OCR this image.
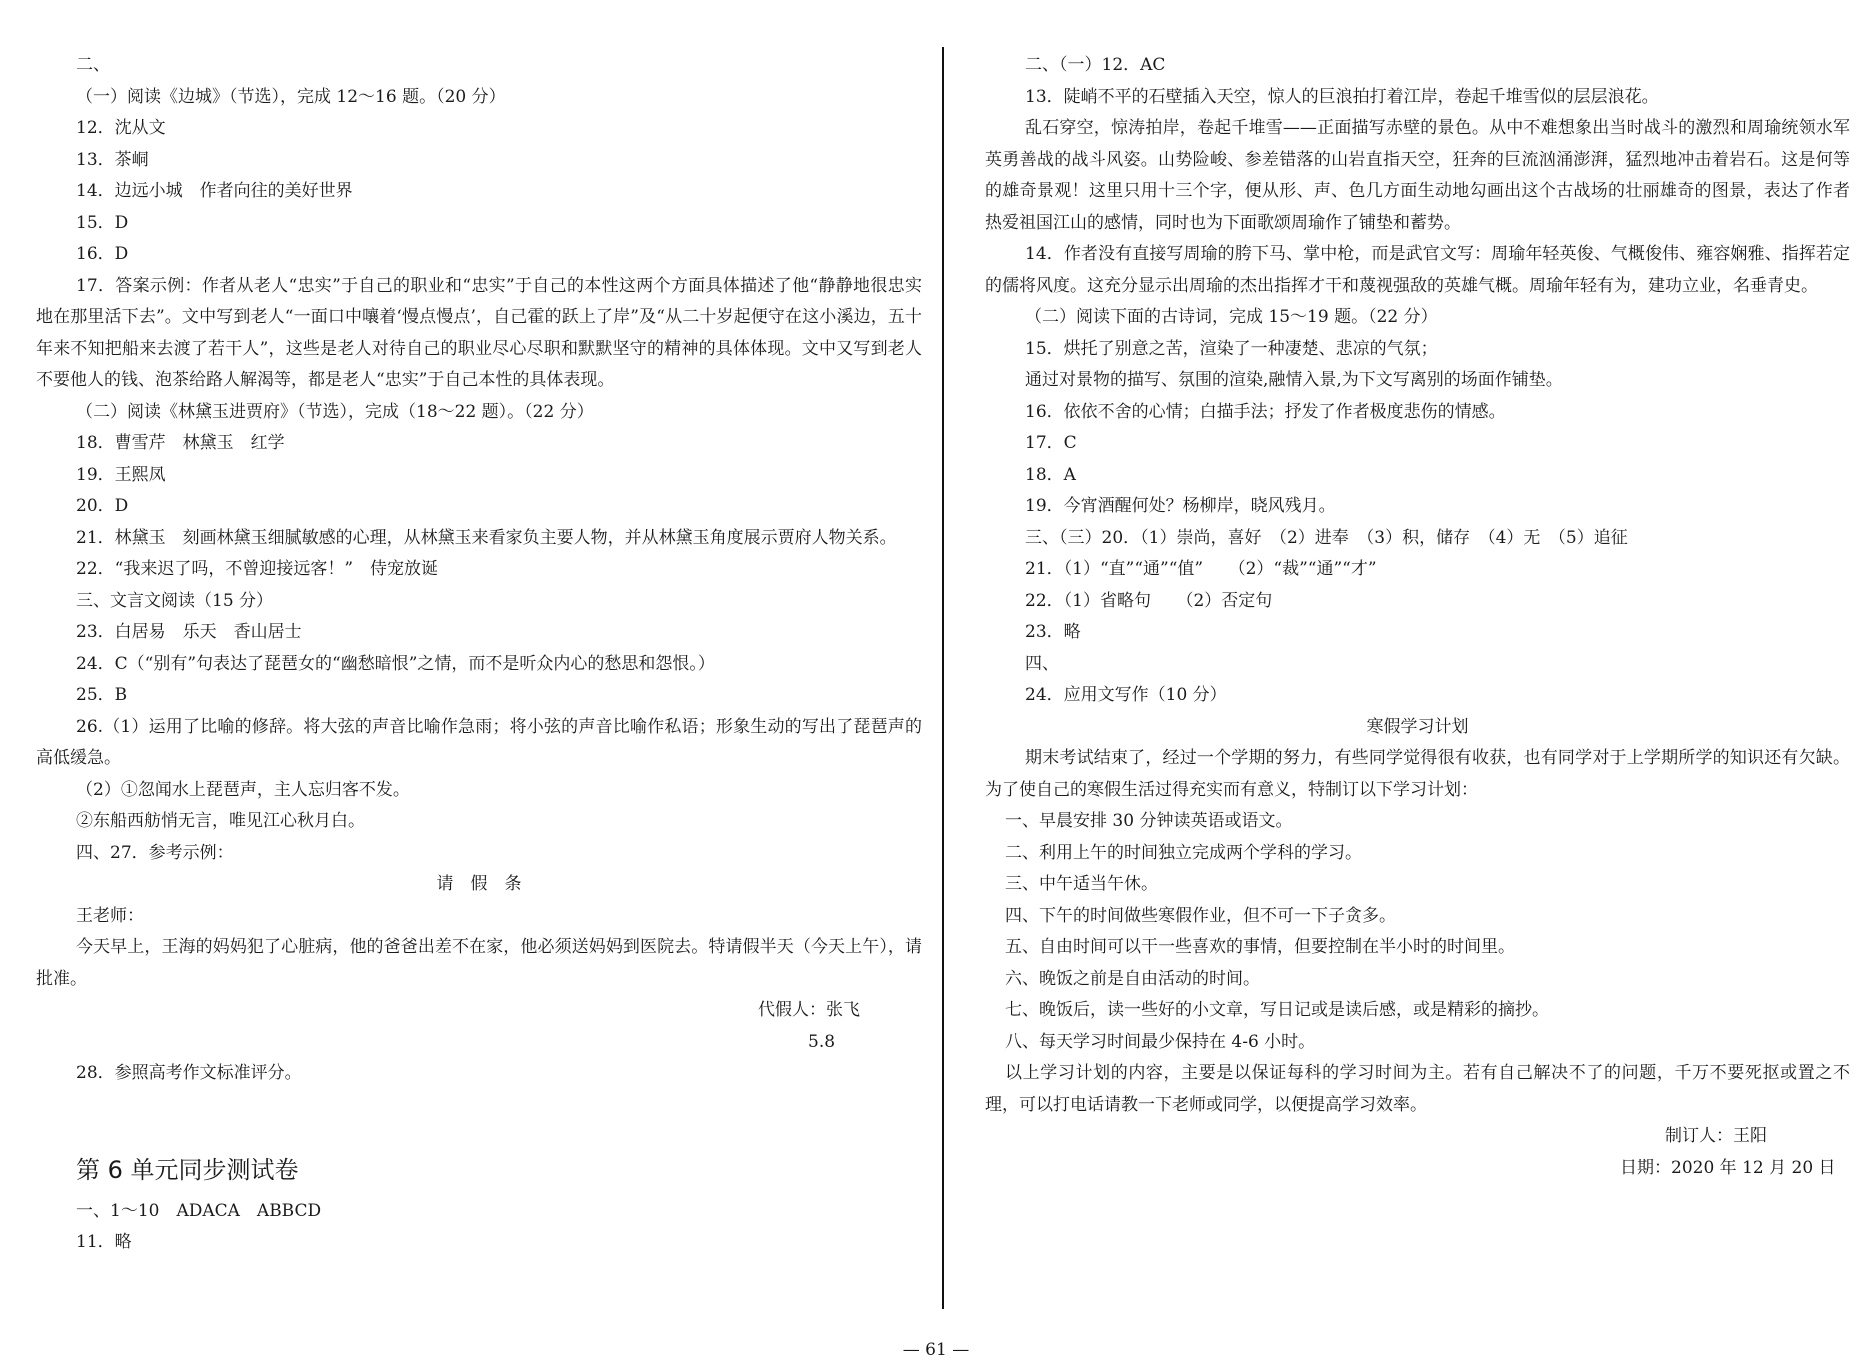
二、
（一）阅读《边城》（节选），完成 12～16 题。（20 分）
12．沈从文
13．茶峒
14．边远小城　作者向往的美好世界
15．D
16．D
17．答案示例：作者从老人“忠实”于自己的职业和“忠实”于自己的本性这两个方面具体描述了他“静静地很忠实地在那里活下去”。文中写到老人“一面口中嚷着‘慢点慢点’，自己霍的跃上了岸”及“从二十岁起便守在这小溪边，五十年来不知把船来去渡了若干人”，这些是老人对待自己的职业尽心尽职和默默坚守的精神的具体体现。文中又写到老人不要他人的钱、泡茶给路人解渴等，都是老人“忠实”于自己本性的具体表现。
（二）阅读《林黛玉进贾府》（节选），完成（18～22 题）。（22 分）
18．曹雪芹　林黛玉　红学
19．王熙凤
20．D
21．林黛玉　刻画林黛玉细腻敏感的心理，从林黛玉来看家负主要人物，并从林黛玉角度展示贾府人物关系。
22．“我来迟了吗，不曾迎接远客！”　侍宠放诞
三、文言文阅读（15 分）
23．白居易　乐天　香山居士
24．C（“别有”句表达了琵琶女的“幽愁暗恨”之情，而不是听众内心的愁思和怨恨。）
25．B
26.（1）运用了比喻的修辞。将大弦的声音比喻作急雨；将小弦的声音比喻作私语；形象生动的写出了琵琶声的高低缓急。
（2）①忽闻水上琵琶声，主人忘归客不发。
②东船西舫悄无言，唯见江心秋月白。
四、27．参考示例：
请　假　条
王老师：
今天早上，王海的妈妈犯了心脏病，他的爸爸出差不在家，他必须送妈妈到医院去。特请假半天（今天上午），请批准。
代假人：张飞
5.8
28．参照高考作文标准评分。
第 6 单元同步测试卷
一、1～10　ADACA　ABBCD
11．略
二、（一）12．AC
13．陡峭不平的石壁插入天空，惊人的巨浪拍打着江岸，卷起千堆雪似的层层浪花。
乱石穿空，惊涛拍岸，卷起千堆雪——正面描写赤壁的景色。从中不难想象出当时战斗的激烈和周瑜统领水军英勇善战的战斗风姿。山势险峻、参差错落的山岩直指天空，狂奔的巨流汹涌澎湃，猛烈地冲击着岩石。这是何等的雄奇景观！这里只用十三个字，便从形、声、色几方面生动地勾画出这个古战场的壮丽雄奇的图景，表达了作者热爱祖国江山的感情，同时也为下面歌颂周瑜作了铺垫和蓄势。
14．作者没有直接写周瑜的胯下马、掌中枪，而是武官文写：周瑜年轻英俊、气概俊伟、雍容娴雅、指挥若定的儒将风度。这充分显示出周瑜的杰出指挥才干和蔑视强敌的英雄气概。周瑜年轻有为，建功立业，名垂青史。
（二）阅读下面的古诗词，完成 15～19 题。（22 分）
15．烘托了别意之苦，渲染了一种凄楚、悲凉的气氛；
通过对景物的描写、氛围的渲染,融情入景,为下文写离别的场面作铺垫。
16．依依不舍的心情；白描手法；抒发了作者极度悲伤的情感。
17．C
18．A
19．今宵酒醒何处？杨柳岸，晓风残月。
三、（三）20．（1）崇尚，喜好　（2）进奉　（3）积，储存　（4）无　（5）追征
21．（1）“直”“通”“值”　　（2）“裁”“通”“才”
22．（1）省略句　　（2）否定句
23．略
四、
24．应用文写作（10 分）
寒假学习计划
期末考试结束了，经过一个学期的努力，有些同学觉得很有收获，也有同学对于上学期所学的知识还有欠缺。为了使自己的寒假生活过得充实而有意义，特制订以下学习计划：
一、早晨安排 30 分钟读英语或语文。
二、利用上午的时间独立完成两个学科的学习。
三、中午适当午休。
四、下午的时间做些寒假作业，但不可一下子贪多。
五、自由时间可以干一些喜欢的事情，但要控制在半小时的时间里。
六、晚饭之前是自由活动的时间。
七、晚饭后，读一些好的小文章，写日记或是读后感，或是精彩的摘抄。
八、每天学习时间最少保持在 4-6 小时。
以上学习计划的内容，主要是以保证每科的学习时间为主。若有自己解决不了的问题，千万不要死抠或置之不理，可以打电话请教一下老师或同学，以便提高学习效率。
制订人：王阳
日期：2020 年 12 月 20 日
— 61 —
